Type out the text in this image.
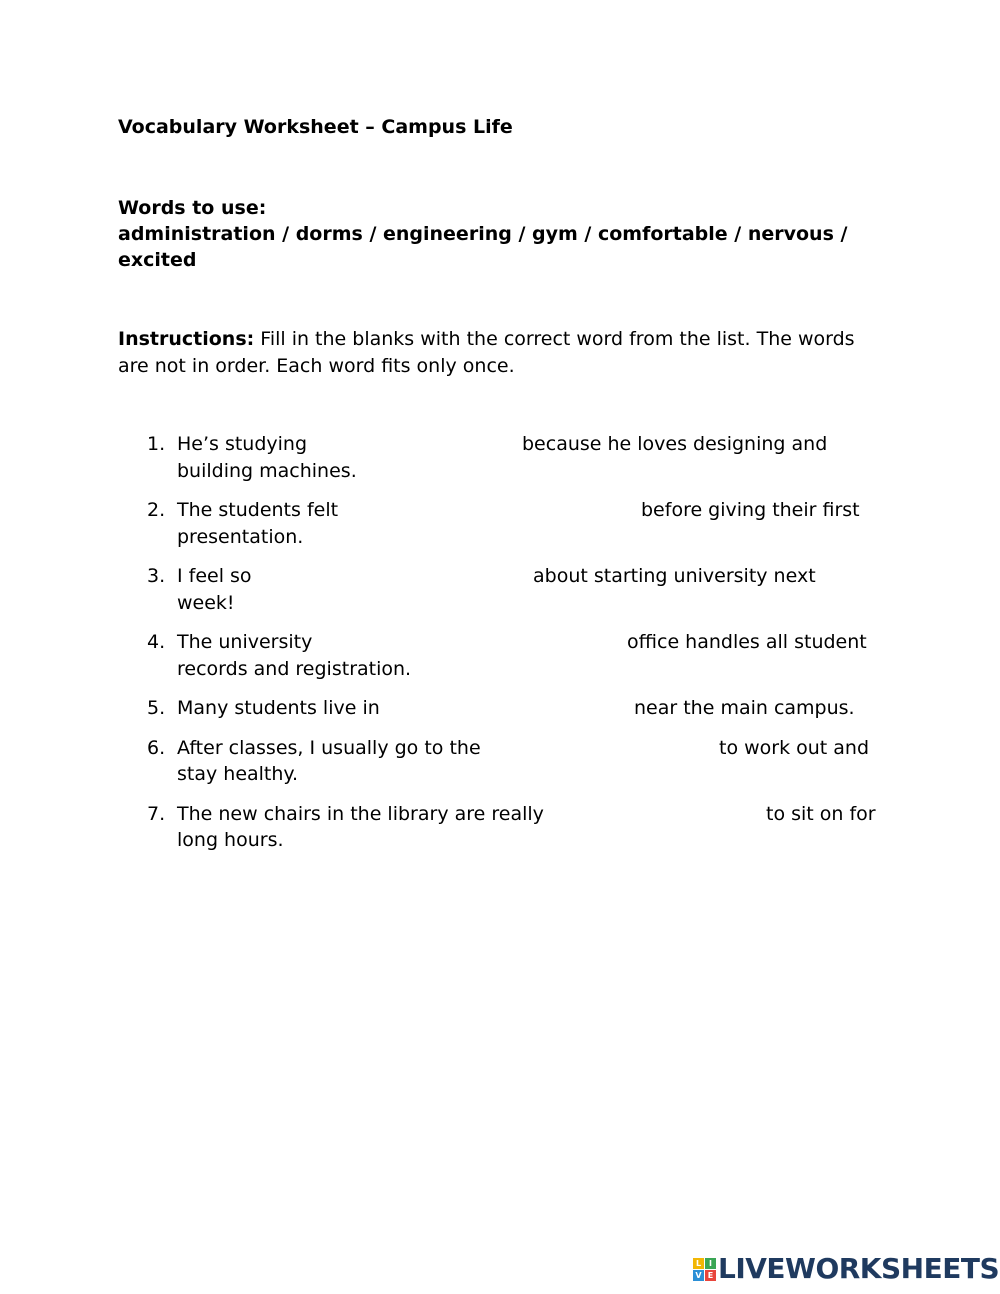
Vocabulary Worksheet – Campus Life
Words to use:
administration / dorms / engineering / gym / comfortable / nervous / excited
Instructions: Fill in the blanks with the correct word from the list. The words are not in order. Each word fits only once.
1. He’s studying	because he loves designing and
building machines.
2. The students felt	before giving their first
presentation.
3. I feel so	about starting university next
week!
4. The university	office handles all student
records and registration.
5. Many students live in	near the main campus.
6. After classes, I usually go to the	to work out and
stay healthy.
7. The new chairs in the library are really	to sit on for
long hours.
L I
V E LIVEWORKSHEETS
